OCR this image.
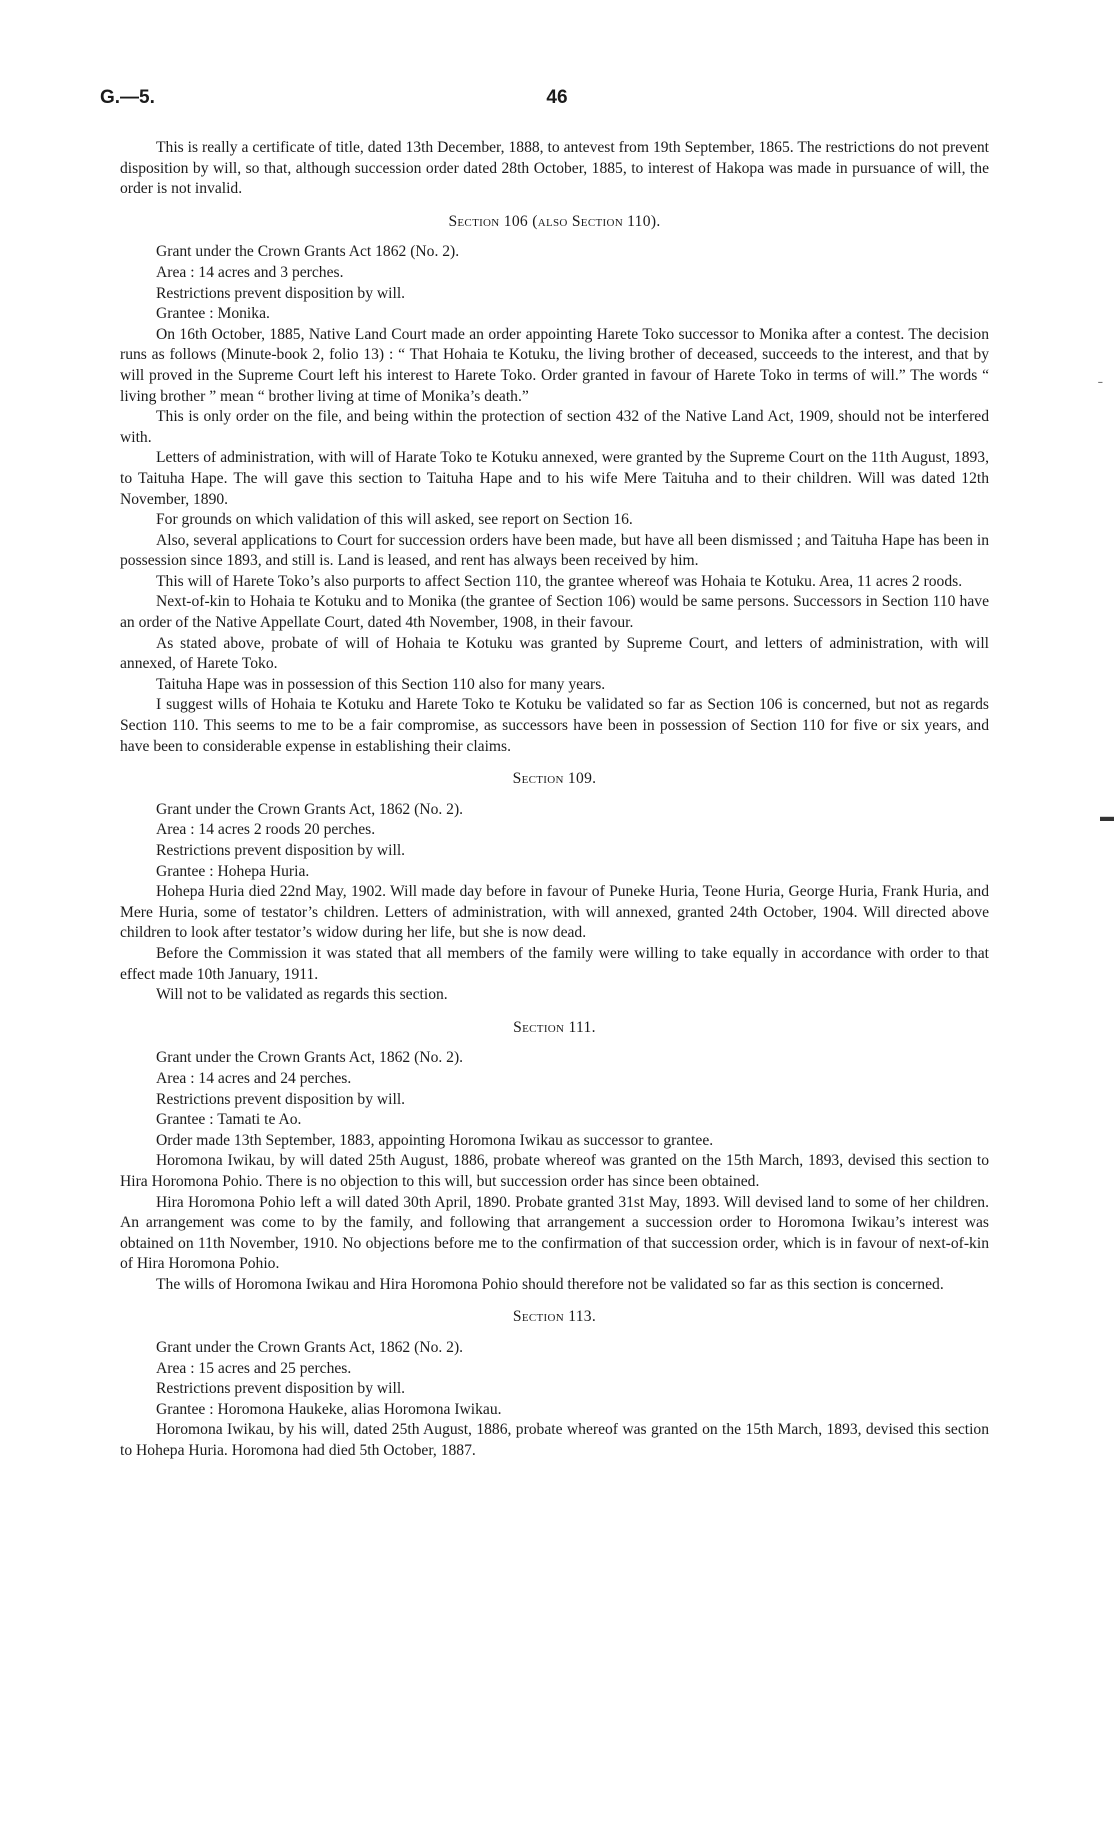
G.—5.	46

This is really a certificate of title, dated 13th December, 1888, to antevest from 19th September, 1865. The restrictions do not prevent disposition by will, so that, although succession order dated 28th October, 1885, to interest of Hakopa was made in pursuance of will, the order is not invalid.

Section 106 (also Section 110).
Grant under the Crown Grants Act 1862 (No. 2).
Area : 14 acres and 3 perches.
Restrictions prevent disposition by will.
Grantee : Monika.

On 16th October, 1885, Native Land Court made an order appointing Harete Toko successor to Monika after a contest. The decision runs as follows (Minute-book 2, folio 13) : “ That Hohaia te Kotuku, the living brother of deceased, succeeds to the interest, and that by will proved in the Supreme Court left his interest to Harete Toko. Order granted in favour of Harete Toko in terms of will.” The words “ living brother ” mean “ brother living at time of Monika’s death.”

This is only order on the file, and being within the protection of section 432 of the Native Land Act, 1909, should not be interfered with.

Letters of administration, with will of Harate Toko te Kotuku annexed, were granted by the Supreme Court on the 11th August, 1893, to Taituha Hape. The will gave this section to Taituha Hape and to his wife Mere Taituha and to their children. Will was dated 12th November, 1890.

For grounds on which validation of this will asked, see report on Section 16.

Also, several applications to Court for succession orders have been made, but have all been dismissed ; and Taituha Hape has been in possession since 1893, and still is. Land is leased, and rent has always been received by him.

This will of Harete Toko’s also purports to affect Section 110, the grantee whereof was Hohaia te Kotuku. Area, 11 acres 2 roods.

Next-of-kin to Hohaia te Kotuku and to Monika (the grantee of Section 106) would be same persons. Successors in Section 110 have an order of the Native Appellate Court, dated 4th November, 1908, in their favour.

As stated above, probate of will of Hohaia te Kotuku was granted by Supreme Court, and letters of administration, with will annexed, of Harete Toko.

Taituha Hape was in possession of this Section 110 also for many years.

I suggest wills of Hohaia te Kotuku and Harete Toko te Kotuku be validated so far as Section 106 is concerned, but not as regards Section 110. This seems to me to be a fair compromise, as successors have been in possession of Section 110 for five or six years, and have been to considerable expense in establishing their claims.

Section 109.
Grant under the Crown Grants Act, 1862 (No. 2).
Area : 14 acres 2 roods 20 perches.
Restrictions prevent disposition by will.
Grantee : Hohepa Huria.

Hohepa Huria died 22nd May, 1902. Will made day before in favour of Puneke Huria, Teone Huria, George Huria, Frank Huria, and Mere Huria, some of testator’s children. Letters of administration, with will annexed, granted 24th October, 1904. Will directed above children to look after testator’s widow during her life, but she is now dead.

Before the Commission it was stated that all members of the family were willing to take equally in accordance with order to that effect made 10th January, 1911.

Will not to be validated as regards this section.

Section 111.
Grant under the Crown Grants Act, 1862 (No. 2).
Area : 14 acres and 24 perches.
Restrictions prevent disposition by will.
Grantee : Tamati te Ao.

Order made 13th September, 1883, appointing Horomona Iwikau as successor to grantee.

Horomona Iwikau, by will dated 25th August, 1886, probate whereof was granted on the 15th March, 1893, devised this section to Hira Horomona Pohio. There is no objection to this will, but succession order has since been obtained.

Hira Horomona Pohio left a will dated 30th April, 1890. Probate granted 31st May, 1893. Will devised land to some of her children. An arrangement was come to by the family, and following that arrangement a succession order to Horomona Iwikau’s interest was obtained on 11th November, 1910. No objections before me to the confirmation of that succession order, which is in favour of next-of-kin of Hira Horomona Pohio.

The wills of Horomona Iwikau and Hira Horomona Pohio should therefore not be validated so far as this section is concerned.

Section 113.
Grant under the Crown Grants Act, 1862 (No. 2).
Area : 15 acres and 25 perches.
Restrictions prevent disposition by will.
Grantee : Horomona Haukeke, alias Horomona Iwikau.

Horomona Iwikau, by his will, dated 25th August, 1886, probate whereof was granted on the 15th March, 1893, devised this section to Hohepa Huria. Horomona had died 5th October, 1887.

˗
▬
